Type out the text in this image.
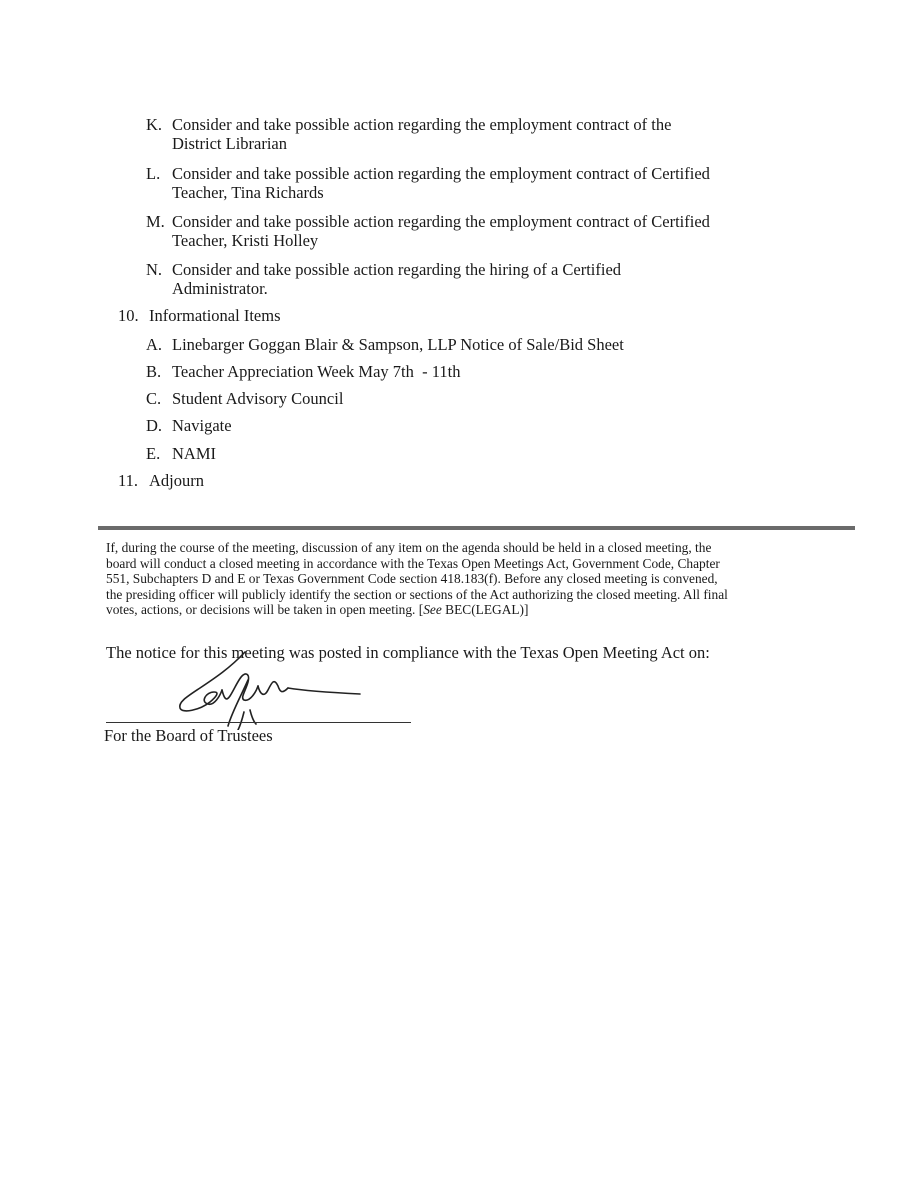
K. Consider and take possible action regarding the employment contract of the
District Librarian
L. Consider and take possible action regarding the employment contract of Certified
Teacher, Tina Richards
M. Consider and take possible action regarding the employment contract of Certified
Teacher, Kristi Holley
N. Consider and take possible action regarding the hiring of a Certified
Administrator.
10. Informational Items
A. Linebarger Goggan Blair & Sampson, LLP Notice of Sale/Bid Sheet
B. Teacher Appreciation Week May 7th  - 11th
C. Student Advisory Council
D. Navigate
E. NAMI
11. Adjourn
If, during the course of the meeting, discussion of any item on the agenda should be held in a closed meeting, the
board will conduct a closed meeting in accordance with the Texas Open Meetings Act, Government Code, Chapter
551, Subchapters D and E or Texas Government Code section 418.183(f). Before any closed meeting is convened,
the presiding officer will publicly identify the section or sections of the Act authorizing the closed meeting. All final
votes, actions, or decisions will be taken in open meeting. [See BEC(LEGAL)]
The notice for this meeting was posted in compliance with the Texas Open Meeting Act on:
For the Board of Trustees
